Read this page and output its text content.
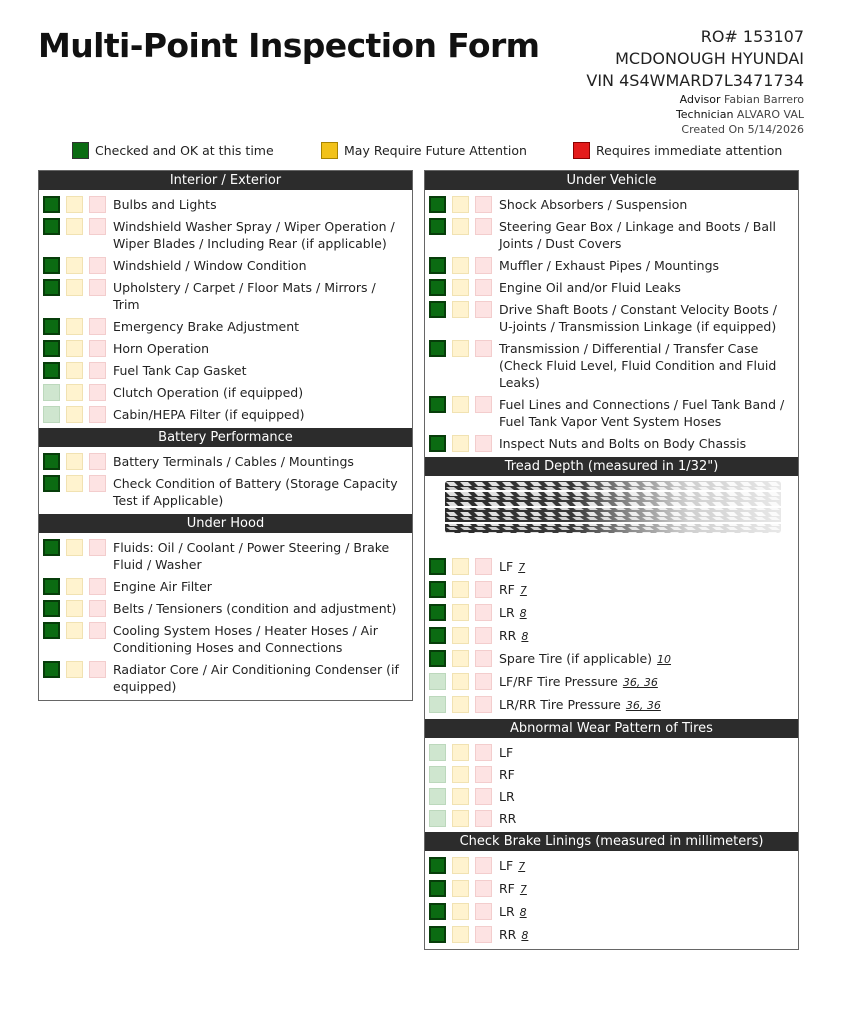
Multi-Point Inspection Form	RO# 153107
MCDONOUGH HYUNDAI
VIN 4S4WMARD7L3471734
Advisor Fabian Barrero
Technician ALVARO VAL
Created On 5/14/2026
Checked and OK at this time	May Require Future Attention	Requires immediate attention
Interior / Exterior
Bulbs and Lights
Windshield Washer Spray / Wiper Operation / Wiper Blades / Including Rear (if applicable)
Windshield / Window Condition
Upholstery / Carpet / Floor Mats / Mirrors / Trim
Emergency Brake Adjustment
Horn Operation
Fuel Tank Cap Gasket
Clutch Operation (if equipped)
Cabin/HEPA Filter (if equipped)
Battery Performance
Battery Terminals / Cables / Mountings
Check Condition of Battery (Storage Capacity Test if Applicable)
Under Hood
Fluids: Oil / Coolant / Power Steering / Brake Fluid / Washer
Engine Air Filter
Belts / Tensioners (condition and adjustment)
Cooling System Hoses / Heater Hoses / Air Conditioning Hoses and Connections
Radiator Core / Air Conditioning Condenser (if equipped)
Under Vehicle
Shock Absorbers / Suspension
Steering Gear Box / Linkage and Boots / Ball Joints / Dust Covers
Muffler / Exhaust Pipes / Mountings
Engine Oil and/or Fluid Leaks
Drive Shaft Boots / Constant Velocity Boots / U-joints / Transmission Linkage (if equipped)
Transmission / Differential / Transfer Case (Check Fluid Level, Fluid Condition and Fluid Leaks)
Fuel Lines and Connections / Fuel Tank Band / Fuel Tank Vapor Vent System Hoses
Inspect Nuts and Bolts on Body Chassis
Tread Depth (measured in 1/32")
LF 7
RF 7
LR 8
RR 8
Spare Tire (if applicable) 10
LF/RF Tire Pressure 36, 36
LR/RR Tire Pressure 36, 36
Abnormal Wear Pattern of Tires
LF
RF
LR
RR
Check Brake Linings (measured in millimeters)
LF 7
RF 7
LR 8
RR 8
